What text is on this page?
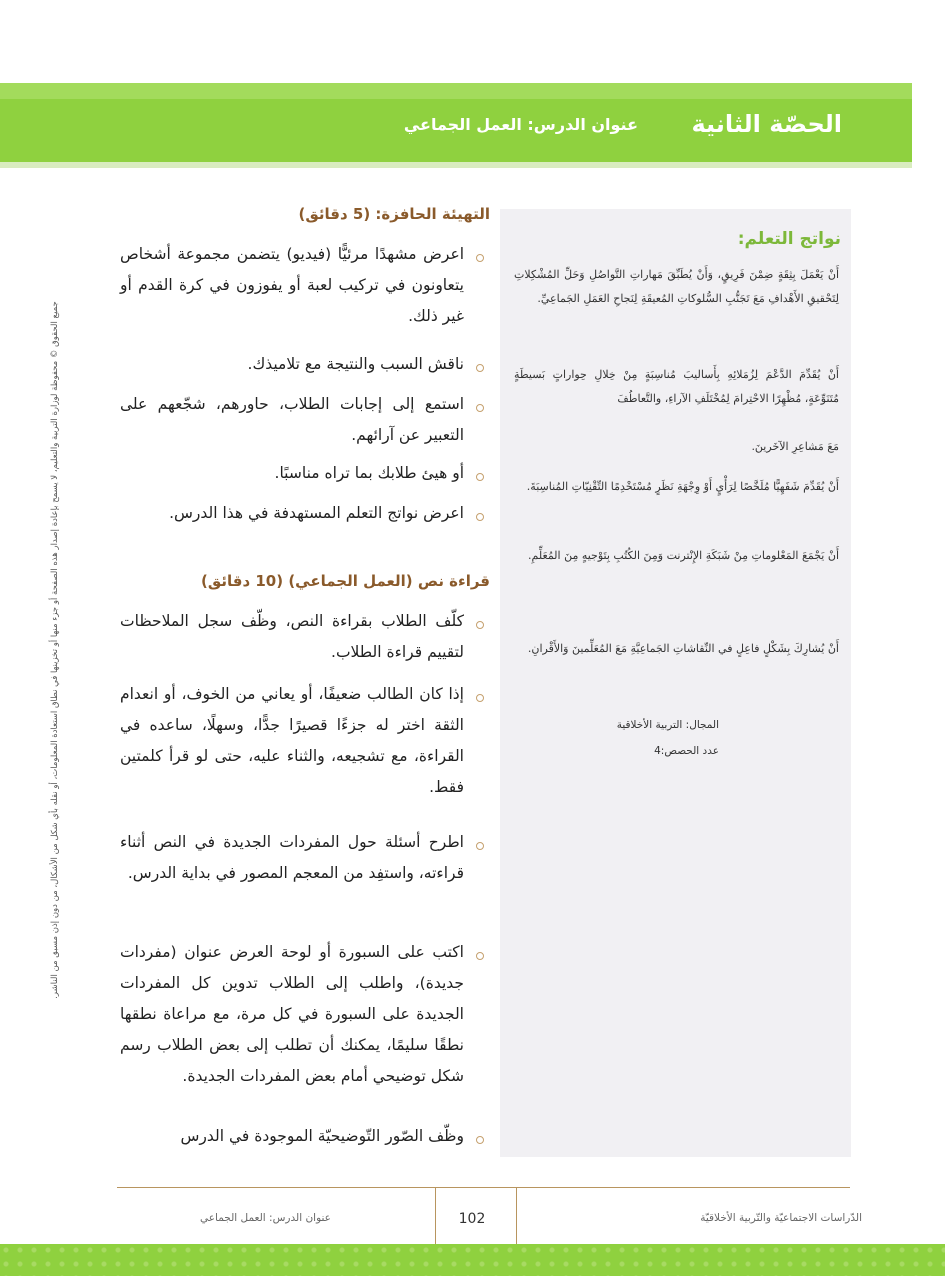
الحصّة الثانية
عنوان الدرس: العمل الجماعي
جميع الحقوق © محفوظة لوزارة التربية والتعليم، لا يسمح بإعادة إصدار هذه الصفحة أو جزء منها أو تخزينها في نطاق استعادة المعلومات، أو نقله بأي شكل من الأشكال، من دون إذن مسبق من الناشر.
نواتج التعلم:
أَنْ يَعْمَلَ بِثِقَةٍ ضِمْنَ فَرِيقٍ، وَأَنْ يُطَبِّقَ مَهاراتِ التَّواصُلِ وَحَلِّ المُشْكِلاتِ لِتَحْقيقِ الأَهْدافِ مَعَ تَجَنُّبِ السُّلوكاتِ المُعيقَةِ لِنَجاحِ العَمَلِ الجَماعِيِّ.
أَنْ يُقَدِّمَ الدَّعْمَ لِزُمَلائِهِ بِأَساليبَ مُناسِبَةٍ مِنْ خِلالِ حِواراتٍ بَسيطَةٍ مُتَنَوِّعَةٍ، مُظْهِرًا الاحْتِرامَ لِمُخْتَلَفِ الآراءِ، والتَّعاطُفَ
مَعَ مَشاعِرِ الآخَرينَ.
أَنْ يُقَدِّمَ شَفَهِيًّا مُلَخَّصًا لِرَأْيٍ أَوْ وِجْهَةِ نَظَرٍ مُسْتَخْدِمًا التِّقْنِيّاتِ المُناسِبَةَ.
أَنْ يَجْمَعَ المَعْلوماتِ مِنْ شَبَكَةِ الإِنْترنت وَمِنَ الكُتُبِ بِتَوْجيهٍ مِنَ المُعَلِّمِ.
أَنْ يُشارِكَ بِشَكْلٍ فاعِلٍ في النِّقاشاتِ الجَماعِيَّةِ مَعَ المُعَلِّمينَ وَالأَقْرانِ.
المجال: التربية الأخلاقية
عدد الحصص:4
التهيئة الحافزة: (5 دقائق)
اعرض مشهدًا مرئيًّا (فيديو) يتضمن مجموعة أشخاص يتعاونون في تركيب لعبة أو يفوزون في كرة القدم أو غير ذلك.
ناقش السبب والنتيجة مع تلاميذك.
استمع إلى إجابات الطلاب، حاورهم، شجّعهم على التعبير عن آرائهم.
أو هيئ طلابك بما تراه مناسبًا.
اعرض نواتج التعلم المستهدفة في هذا الدرس.
قراءة نص (العمل الجماعي) (10 دقائق)
كلّف الطلاب بقراءة النص، وظّف سجل الملاحظات لتقييم قراءة الطلاب.
إذا كان الطالب ضعيفًا، أو يعاني من الخوف، أو انعدام الثقة اختر له جزءًا قصيرًا جدًّا، وسهلًا، ساعده في القراءة، مع تشجيعه، والثناء عليه، حتى لو قرأ كلمتين فقط.
اطرح أسئلة حول المفردات الجديدة في النص أثناء قراءته، واستفِد من المعجم المصور في بداية الدرس.
اكتب على السبورة أو لوحة العرض عنوان (مفردات جديدة)، واطلب إلى الطلاب تدوين كل المفردات الجديدة على السبورة في كل مرة، مع مراعاة نطقها نطقًا سليمًا، يمكنك أن تطلب إلى بعض الطلاب رسم شكل توضيحي أمام بعض المفردات الجديدة.
وظّف الصّور التّوضيحيّة الموجودة في الدرس
الدّراسات الاجتماعيّة والتّربية الأخلاقيّة
عنوان الدرس: العمل الجماعي	102
